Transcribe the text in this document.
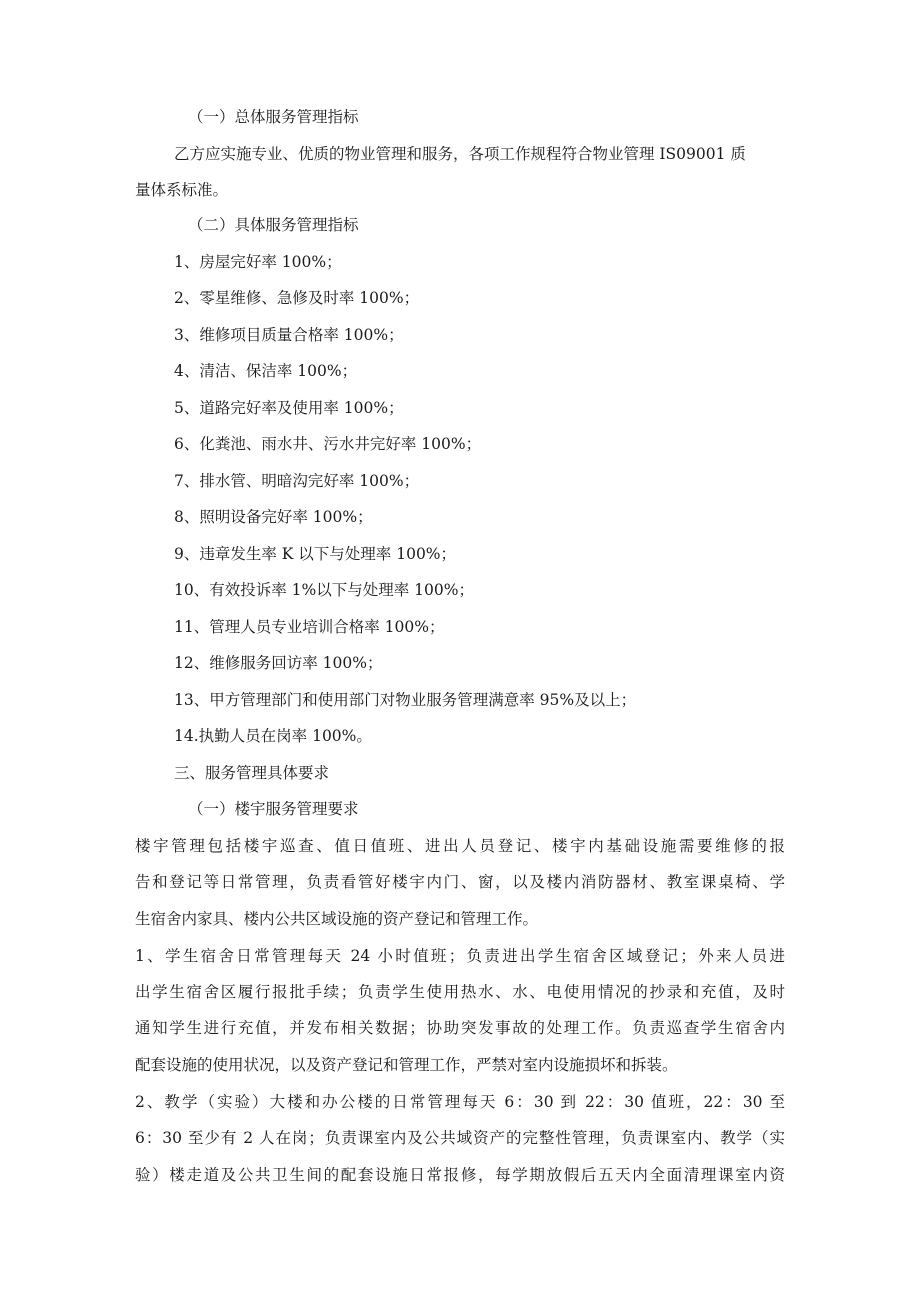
（一）总体服务管理指标
乙方应实施专业、优质的物业管理和服务，各项工作规程符合物业管理 IS09001 质
量体系标准。
（二）具体服务管理指标
1、房屋完好率 100%；
2、零星维修、急修及时率 100%；
3、维修项目质量合格率 100%；
4、清洁、保洁率 100%；
5、道路完好率及使用率 100%；
6、化粪池、雨水井、污水井完好率 100%；
7、排水管、明暗沟完好率 100%；
8、照明设备完好率 100%；
9、违章发生率 K 以下与处理率 100%；
10、有效投诉率 1%以下与处理率 100%；
11、管理人员专业培训合格率 100%；
12、维修服务回访率 100%；
13、甲方管理部门和使用部门对物业服务管理满意率 95%及以上；
14.执勤人员在岗率 100%。
三、服务管理具体要求
（一）楼宇服务管理要求
楼宇管理包括楼宇巡查、值日值班、进出人员登记、楼宇内基础设施需要维修的报
告和登记等日常管理，负责看管好楼宇内门、窗，以及楼内消防器材、教室课桌椅、学
生宿舍内家具、楼内公共区域设施的资产登记和管理工作。
1、学生宿舍日常管理每天 24 小时值班；负责进出学生宿舍区域登记；外来人员进
出学生宿舍区履行报批手续；负责学生使用热水、水、电使用情况的抄录和充值，及时
通知学生进行充值，并发布相关数据；协助突发事故的处理工作。负责巡查学生宿舍内
配套设施的使用状况，以及资产登记和管理工作，严禁对室内设施损坏和拆装。
2、教学（实验）大楼和办公楼的日常管理每天 6：30 到 22：30 值班，22：30 至
6：30 至少有 2 人在岗；负责课室内及公共域资产的完整性管理，负责课室内、教学（实
验）楼走道及公共卫生间的配套设施日常报修，每学期放假后五天内全面清理课室内资
